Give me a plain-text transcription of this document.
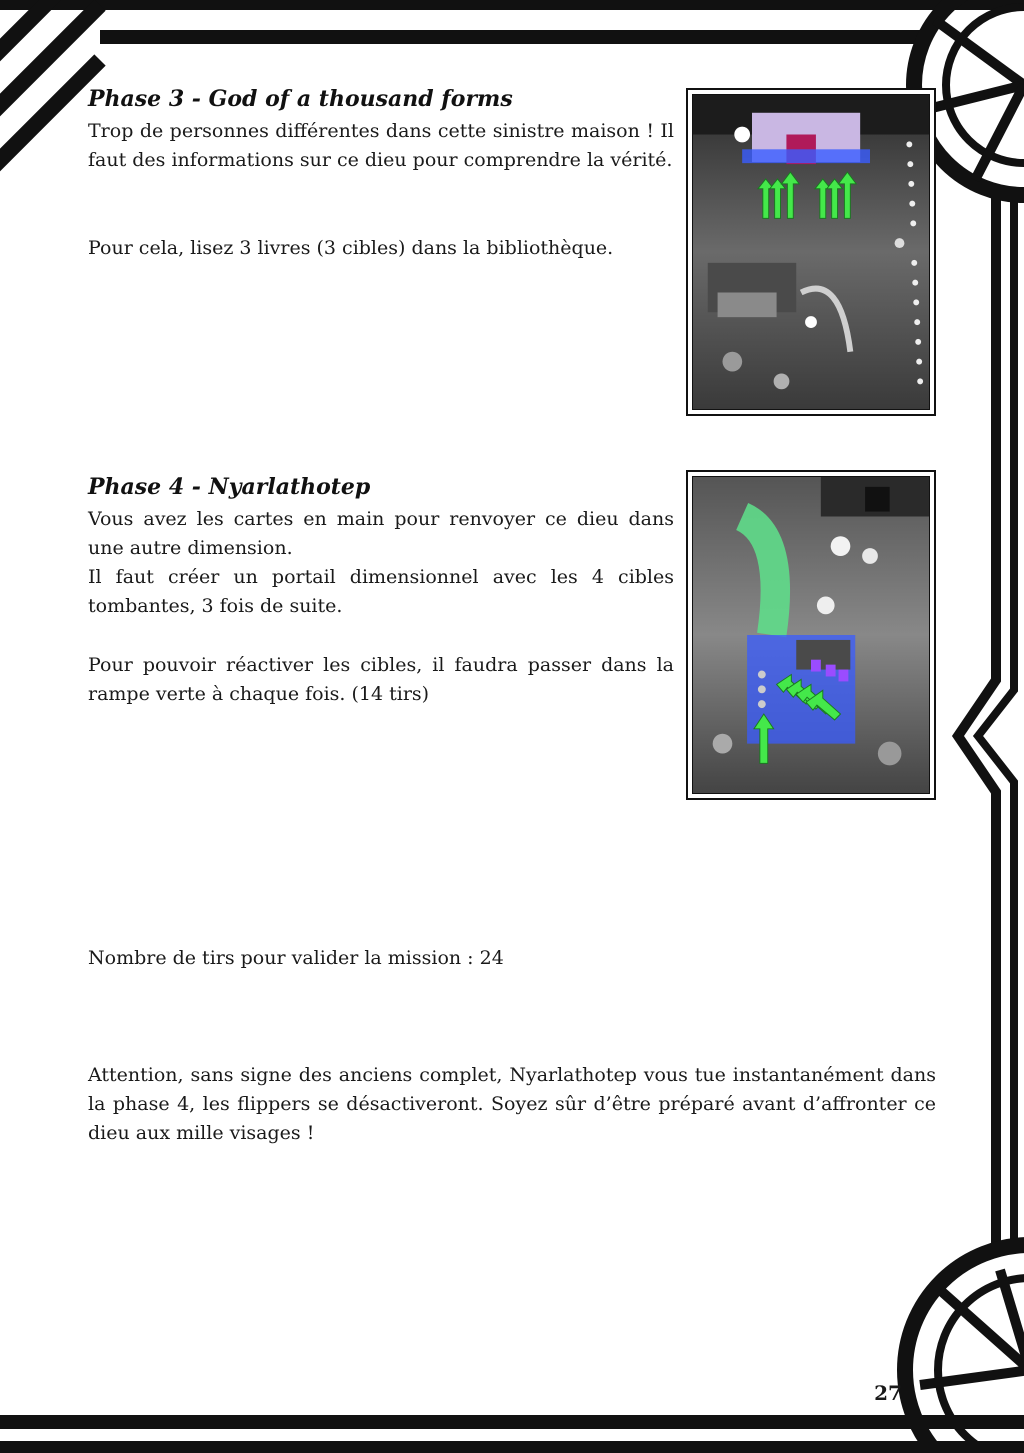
Phase 3 - God of a thousand forms

Trop de personnes différentes dans cette sinistre maison ! Il faut des informations sur ce dieu pour comprendre la vérité.

Pour cela, lisez 3 livres (3 cibles) dans la bibliothèque.

Phase 4 - Nyarlathotep

Vous avez les cartes en main pour renvoyer ce dieu dans une autre dimension.

Il faut créer un portail dimensionnel avec les 4 cibles tombantes, 3 fois de suite.

Pour pouvoir réactiver les cibles, il faudra passer dans la rampe verte à chaque fois. (14 tirs)

Nombre de tirs pour valider la mission : 24

Attention, sans signe des anciens complet, Nyarlathotep vous tue instantanément dans la phase 4, les flippers se désactiveront. Soyez sûr d’être préparé avant d’affronter ce dieu aux mille visages !

27
